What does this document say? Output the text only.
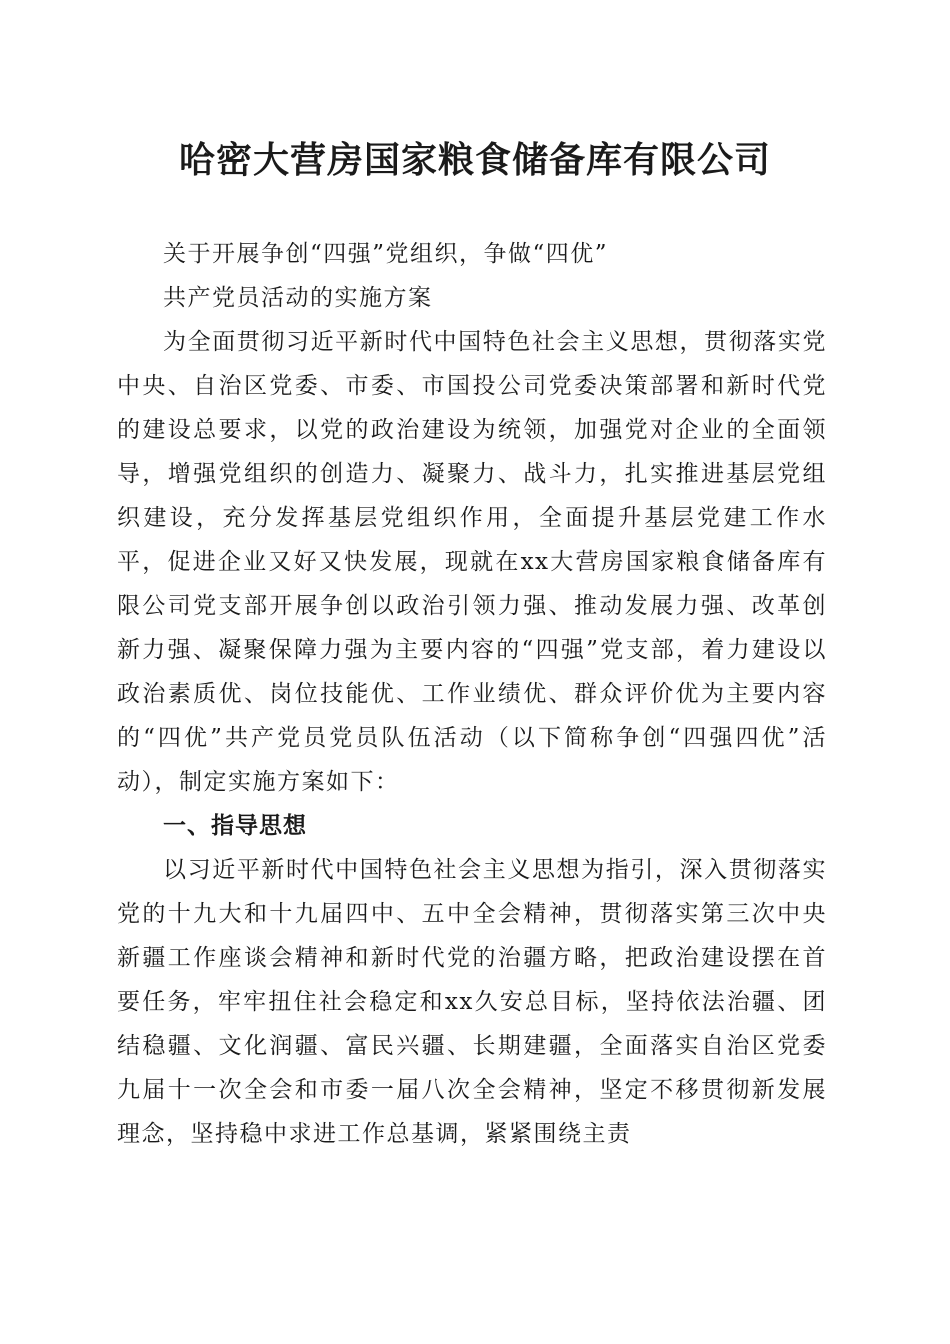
哈密大营房国家粮食储备库有限公司

关于开展争创“四强”党组织，争做“四优”

共产党员活动的实施方案

为全面贯彻习近平新时代中国特色社会主义思想，贯彻落实党中央、自治区党委、市委、市国投公司党委决策部署和新时代党的建设总要求，以党的政治建设为统领，加强党对企业的全面领导，增强党组织的创造力、凝聚力、战斗力，扎实推进基层党组织建设，充分发挥基层党组织作用，全面提升基层党建工作水平，促进企业又好又快发展，现就在xx大营房国家粮食储备库有限公司党支部开展争创以政治引领力强、推动发展力强、改革创新力强、凝聚保障力强为主要内容的“四强”党支部，着力建设以政治素质优、岗位技能优、工作业绩优、群众评价优为主要内容的“四优”共产党员党员队伍活动（以下简称争创“四强四优”活动），制定实施方案如下：

一、指导思想

以习近平新时代中国特色社会主义思想为指引，深入贯彻落实党的十九大和十九届四中、五中全会精神，贯彻落实第三次中央新疆工作座谈会精神和新时代党的治疆方略，把政治建设摆在首要任务，牢牢扭住社会稳定和xx久安总目标，坚持依法治疆、团结稳疆、文化润疆、富民兴疆、长期建疆，全面落实自治区党委九届十一次全会和市委一届八次全会精神，坚定不移贯彻新发展理念，坚持稳中求进工作总基调，紧紧围绕主责
